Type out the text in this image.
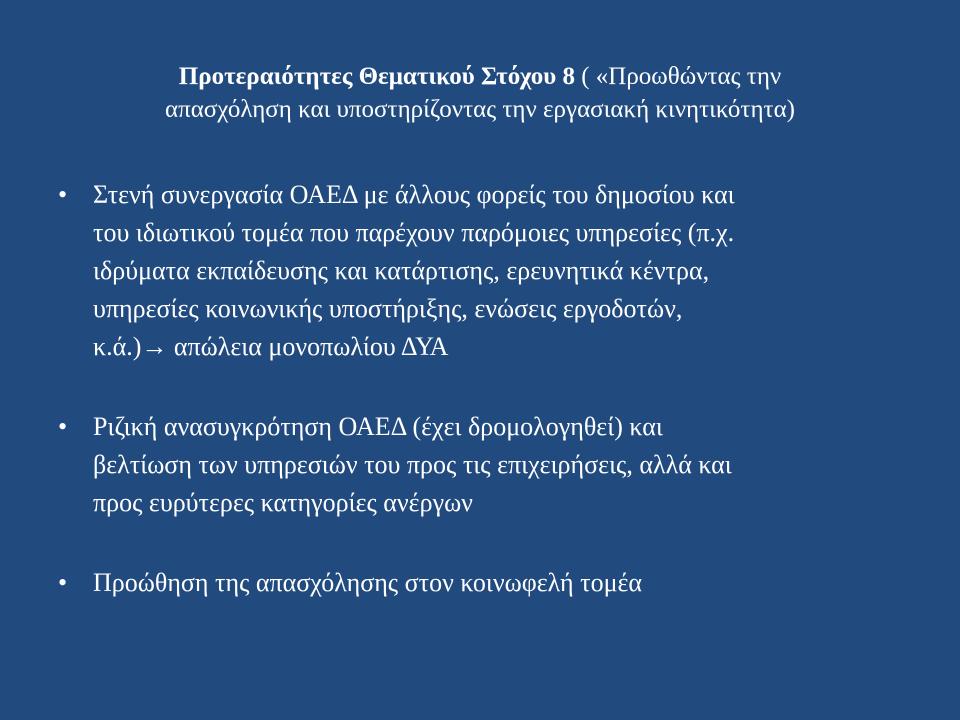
Προτεραιότητες Θεματικού Στόχου 8 ( «Προωθώντας την
απασχόληση και υποστηρίζοντας την εργασιακή κινητικότητα)
• Στενή συνεργασία ΟΑΕΔ με άλλους φορείς του δημοσίου και
του ιδιωτικού τομέα που παρέχουν παρόμοιες υπηρεσίες (π.χ.
ιδρύματα εκπαίδευσης και κατάρτισης, ερευνητικά κέντρα,
υπηρεσίες κοινωνικής υποστήριξης, ενώσεις εργοδοτών,
κ.ά.)→ απώλεια μονοπωλίου ΔΥΑ
• Ριζική ανασυγκρότηση ΟΑΕΔ (έχει δρομολογηθεί) και
βελτίωση των υπηρεσιών του προς τις επιχειρήσεις, αλλά και
προς ευρύτερες κατηγορίες ανέργων
• Προώθηση της απασχόλησης στον κοινωφελή τομέα
